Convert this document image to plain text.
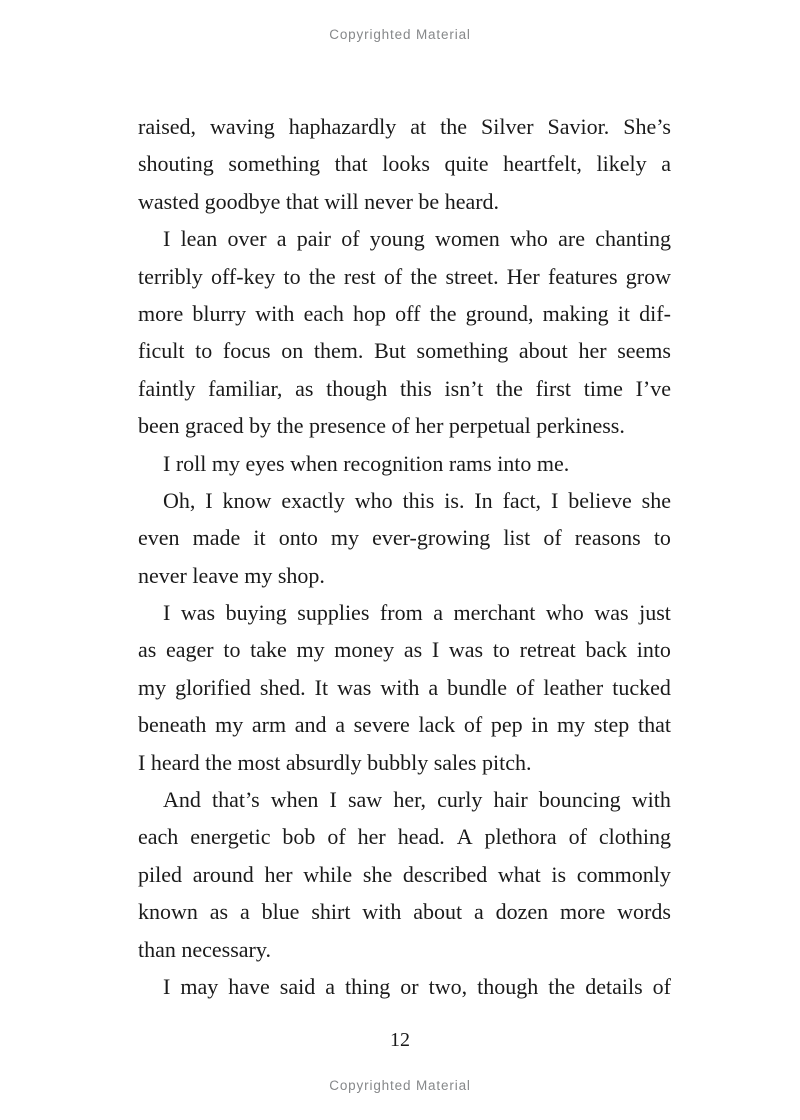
Copyrighted Material

raised, waving haphazardly at the Silver Savior. She’s
shouting something that looks quite heartfelt, likely a
wasted goodbye that will never be heard.

I lean over a pair of young women who are chanting
terribly off-key to the rest of the street. Her features grow
more blurry with each hop off the ground, making it dif-
ficult to focus on them. But something about her seems
faintly familiar, as though this isn’t the first time I’ve
been graced by the presence of her perpetual perkiness.

I roll my eyes when recognition rams into me.

Oh, I know exactly who this is. In fact, I believe she
even made it onto my ever-growing list of reasons to
never leave my shop.

I was buying supplies from a merchant who was just
as eager to take my money as I was to retreat back into
my glorified shed. It was with a bundle of leather tucked
beneath my arm and a severe lack of pep in my step that
I heard the most absurdly bubbly sales pitch.

And that’s when I saw her, curly hair bouncing with
each energetic bob of her head. A plethora of clothing
piled around her while she described what is commonly
known as a blue shirt with about a dozen more words
than necessary.

I may have said a thing or two, though the details of

12
Copyrighted Material
